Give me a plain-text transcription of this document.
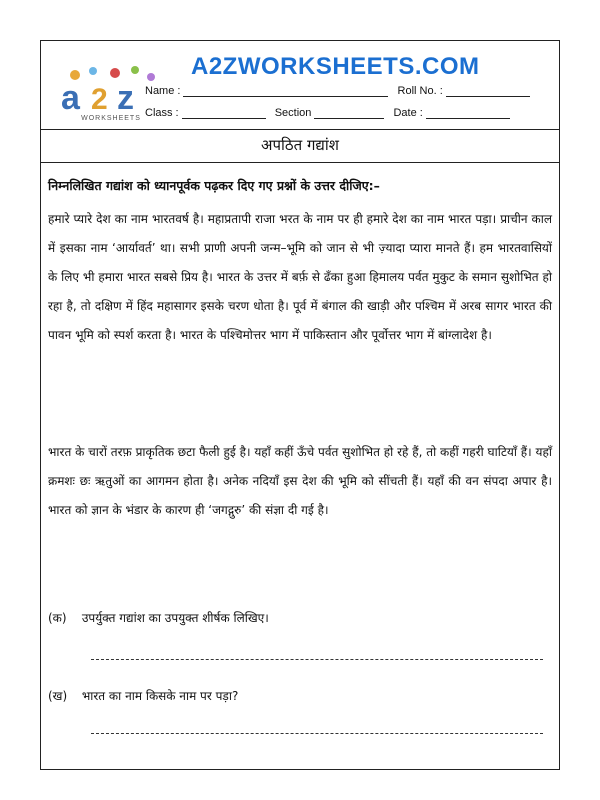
a 2 z
WORKSHEETS
A2ZWORKSHEETS.COM
Name :	Roll No. :
Class :	Section	Date :
अपठित गद्यांश
निम्नलिखित गद्यांश को ध्यानपूर्वक पढ़कर दिए गए प्रश्नों के उत्तर दीजिए:–
हमारे प्यारे देश का नाम भारतवर्ष है। महाप्रतापी राजा भरत के नाम पर ही हमारे देश का नाम भारत पड़ा। प्राचीन काल में इसका नाम ‘आर्यावर्त’ था। सभी प्राणी अपनी जन्म–भूमि को जान से भी ज़्यादा प्यारा मानते हैं। हम भारतवासियों के लिए भी हमारा भारत सबसे प्रिय है। भारत के उत्तर में बर्फ़ से ढँका हुआ हिमालय पर्वत मुकुट के समान सुशोभित हो रहा है, तो दक्षिण में हिंद महासागर इसके चरण धोता है। पूर्व में बंगाल की खाड़ी और पश्चिम में अरब सागर भारत की पावन भूमि को स्पर्श करता है। भारत के पश्चिमोत्तर भाग में पाकिस्तान और पूर्वोत्तर भाग में बांग्लादेश है।
भारत के चारों तरफ़ प्राकृतिक छटा फैली हुई है। यहाँ कहीं ऊँचे पर्वत सुशोभित हो रहे हैं, तो कहीं गहरी घाटियाँ हैं। यहाँ क्रमशः छः ऋतुओं का आगमन होता है। अनेक नदियाँ इस देश की भूमि को सींचती हैं। यहाँ की वन संपदा अपार है। भारत को ज्ञान के भंडार के कारण ही ‘जगद्गुरु’ की संज्ञा दी गई है।
(क) उपर्युक्त गद्यांश का उपयुक्त शीर्षक लिखिए।
(ख) भारत का नाम किसके नाम पर पड़ा?
